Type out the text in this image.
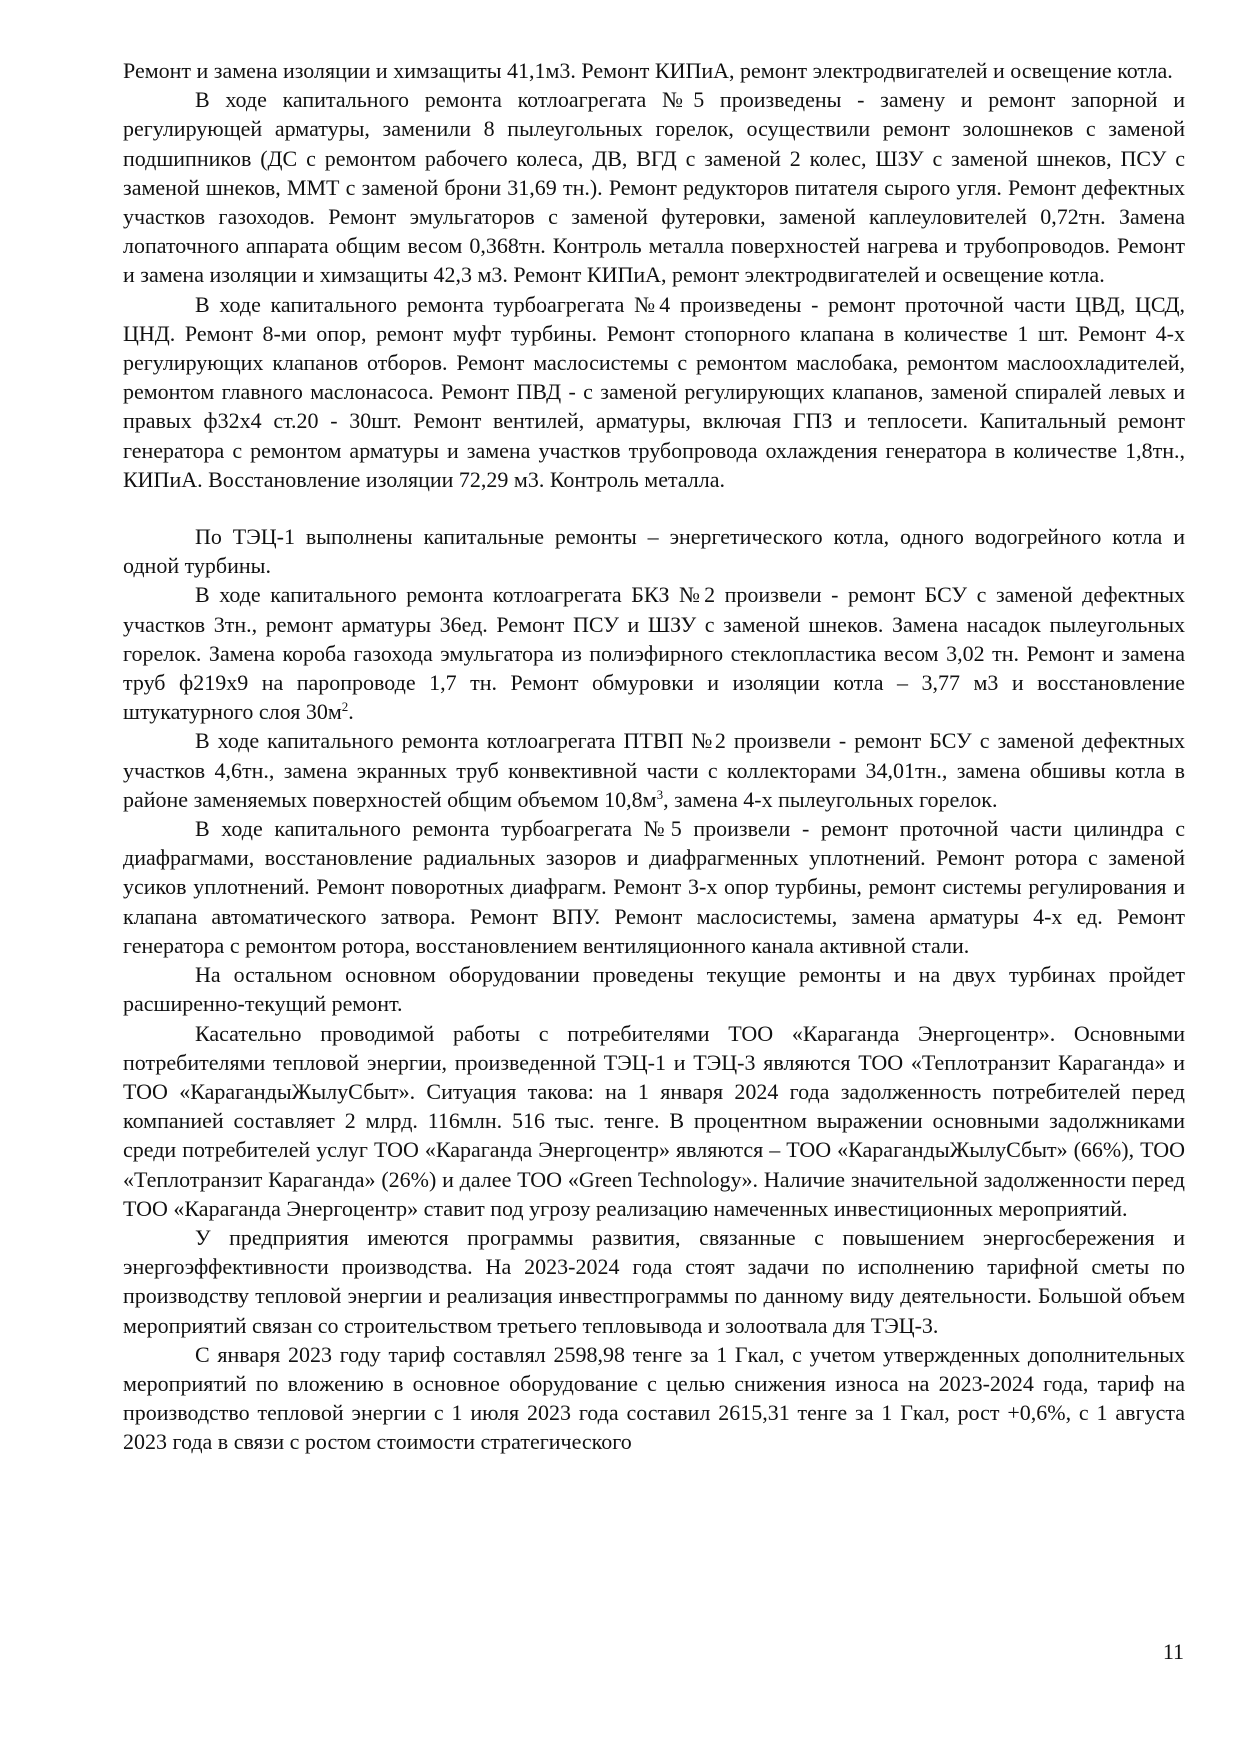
Ремонт и замена изоляции и химзащиты 41,1м3. Ремонт КИПиА, ремонт электродвигателей и освещение котла.

В ходе капитального ремонта котлоагрегата №5 произведены - замену и ремонт запорной и регулирующей арматуры, заменили 8 пылеугольных горелок, осуществили ремонт золошнеков с заменой подшипников (ДС с ремонтом рабочего колеса, ДВ, ВГД с заменой 2 колес, ШЗУ с заменой шнеков, ПСУ с заменой шнеков, ММТ с заменой брони 31,69 тн.). Ремонт редукторов питателя сырого угля. Ремонт дефектных участков газоходов. Ремонт эмульгаторов с заменой футеровки, заменой каплеуловителей 0,72тн. Замена лопаточного аппарата общим весом 0,368тн. Контроль металла поверхностей нагрева и трубопроводов. Ремонт и замена изоляции и химзащиты 42,3 м3. Ремонт КИПиА, ремонт электродвигателей и освещение котла.

В ходе капитального ремонта турбоагрегата №4 произведены - ремонт проточной части ЦВД, ЦСД, ЦНД. Ремонт 8-ми опор, ремонт муфт турбины. Ремонт стопорного клапана в количестве 1 шт. Ремонт 4-х регулирующих клапанов отборов. Ремонт маслосистемы с ремонтом маслобака, ремонтом маслоохладителей, ремонтом главного маслонасоса. Ремонт ПВД - с заменой регулирующих клапанов, заменой спиралей левых и правых ф32х4 ст.20 - 30шт. Ремонт вентилей, арматуры, включая ГПЗ и теплосети. Капитальный ремонт генератора с ремонтом арматуры и замена участков трубопровода охлаждения генератора в количестве 1,8тн., КИПиА. Восстановление изоляции 72,29 м3. Контроль металла.

По ТЭЦ-1 выполнены капитальные ремонты – энергетического котла, одного водогрейного котла и одной турбины.

В ходе капитального ремонта котлоагрегата БКЗ №2 произвели - ремонт БСУ с заменой дефектных участков 3тн., ремонт арматуры 36ед. Ремонт ПСУ и ШЗУ с заменой шнеков. Замена насадок пылеугольных горелок. Замена короба газохода эмульгатора из полиэфирного стеклопластика весом 3,02 тн. Ремонт и замена труб ф219х9 на паропроводе 1,7 тн. Ремонт обмуровки и изоляции котла – 3,77 м3 и восстановление штукатурного слоя $30м^2$.

В ходе капитального ремонта котлоагрегата ПТВП №2 произвели - ремонт БСУ с заменой дефектных участков 4,6тн., замена экранных труб конвективной части с коллекторами 34,01тн., замена обшивы котла в районе заменяемых поверхностей общим объемом $10,8м^3$, замена 4-х пылеугольных горелок.

В ходе капитального ремонта турбоагрегата №5 произвели - ремонт проточной части цилиндра с диафрагмами, восстановление радиальных зазоров и диафрагменных уплотнений. Ремонт ротора с заменой усиков уплотнений. Ремонт поворотных диафрагм. Ремонт 3-х опор турбины, ремонт системы регулирования и клапана автоматического затвора. Ремонт ВПУ. Ремонт маслосистемы, замена арматуры 4-х ед. Ремонт генератора с ремонтом ротора, восстановлением вентиляционного канала активной стали.

На остальном основном оборудовании проведены текущие ремонты и на двух турбинах пройдет расширенно-текущий ремонт.

Касательно проводимой работы с потребителями ТОО «Караганда Энергоцентр». Основными потребителями тепловой энергии, произведенной ТЭЦ-1 и ТЭЦ-3 являются ТОО «Теплотранзит Караганда» и ТОО «КарагандыЖылуСбыт». Ситуация такова: на 1 января 2024 года задолженность потребителей перед компанией составляет 2 млрд. 116млн. 516 тыс. тенге. В процентном выражении основными задолжниками среди потребителей услуг ТОО «Караганда Энергоцентр» являются – ТОО «КарагандыЖылуСбыт» (66%), ТОО «Теплотранзит Караганда» (26%) и далее ТОО «Green Technology». Наличие значительной задолженности перед ТОО «Караганда Энергоцентр» ставит под угрозу реализацию намеченных инвестиционных мероприятий.

У предприятия имеются программы развития, связанные с повышением энергосбережения и энергоэффективности производства. На 2023-2024 года стоят задачи по исполнению тарифной сметы по производству тепловой энергии и реализация инвестпрограммы по данному виду деятельности. Большой объем мероприятий связан со строительством третьего тепловывода и золоотвала для ТЭЦ-3.

С января 2023 году тариф составлял 2598,98 тенге за 1 Гкал, с учетом утвержденных дополнительных мероприятий по вложению в основное оборудование с целью снижения износа на 2023-2024 года, тариф на производство тепловой энергии с 1 июля 2023 года составил 2615,31 тенге за 1 Гкал, рост +0,6%, с 1 августа 2023 года в связи с ростом стоимости стратегического

11
